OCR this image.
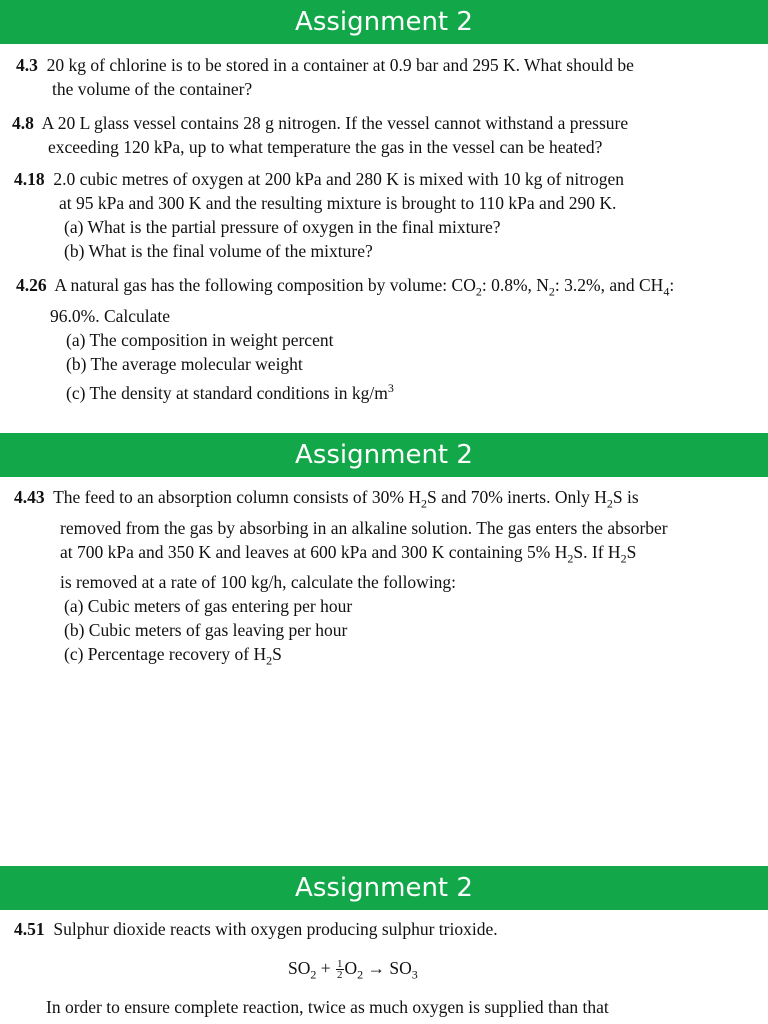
Assignment 2
4.3 20 kg of chlorine is to be stored in a container at 0.9 bar and 295 K. What should be
the volume of the container?
4.8 A 20 L glass vessel contains 28 g nitrogen. If the vessel cannot withstand a pressure
exceeding 120 kPa, up to what temperature the gas in the vessel can be heated?
4.18 2.0 cubic metres of oxygen at 200 kPa and 280 K is mixed with 10 kg of nitrogen
at 95 kPa and 300 K and the resulting mixture is brought to 110 kPa and 290 K.
(a) What is the partial pressure of oxygen in the final mixture?
(b) What is the final volume of the mixture?
4.26 A natural gas has the following composition by volume: $CO_2$: 0.8%, $N_2$: 3.2%, and $CH_4$:
96.0%. Calculate
(a) The composition in weight percent
(b) The average molecular weight
(c) The density at standard conditions in $kg/m^3$
Assignment 2
4.43 The feed to an absorption column consists of 30% $H_2S$ and 70% inerts. Only $H_2S$ is
removed from the gas by absorbing in an alkaline solution. The gas enters the absorber
at 700 kPa and 350 K and leaves at 600 kPa and 300 K containing 5% $H_2S$. If $H_2S$
is removed at a rate of 100 kg/h, calculate the following:
(a) Cubic meters of gas entering per hour
(b) Cubic meters of gas leaving per hour
(c) Percentage recovery of $H_2S$
Assignment 2
4.51 Sulphur dioxide reacts with oxygen producing sulphur trioxide.
$SO_2 + \frac{1}{2} O_2 \to SO_3$
In order to ensure complete reaction, twice as much oxygen is supplied than that
